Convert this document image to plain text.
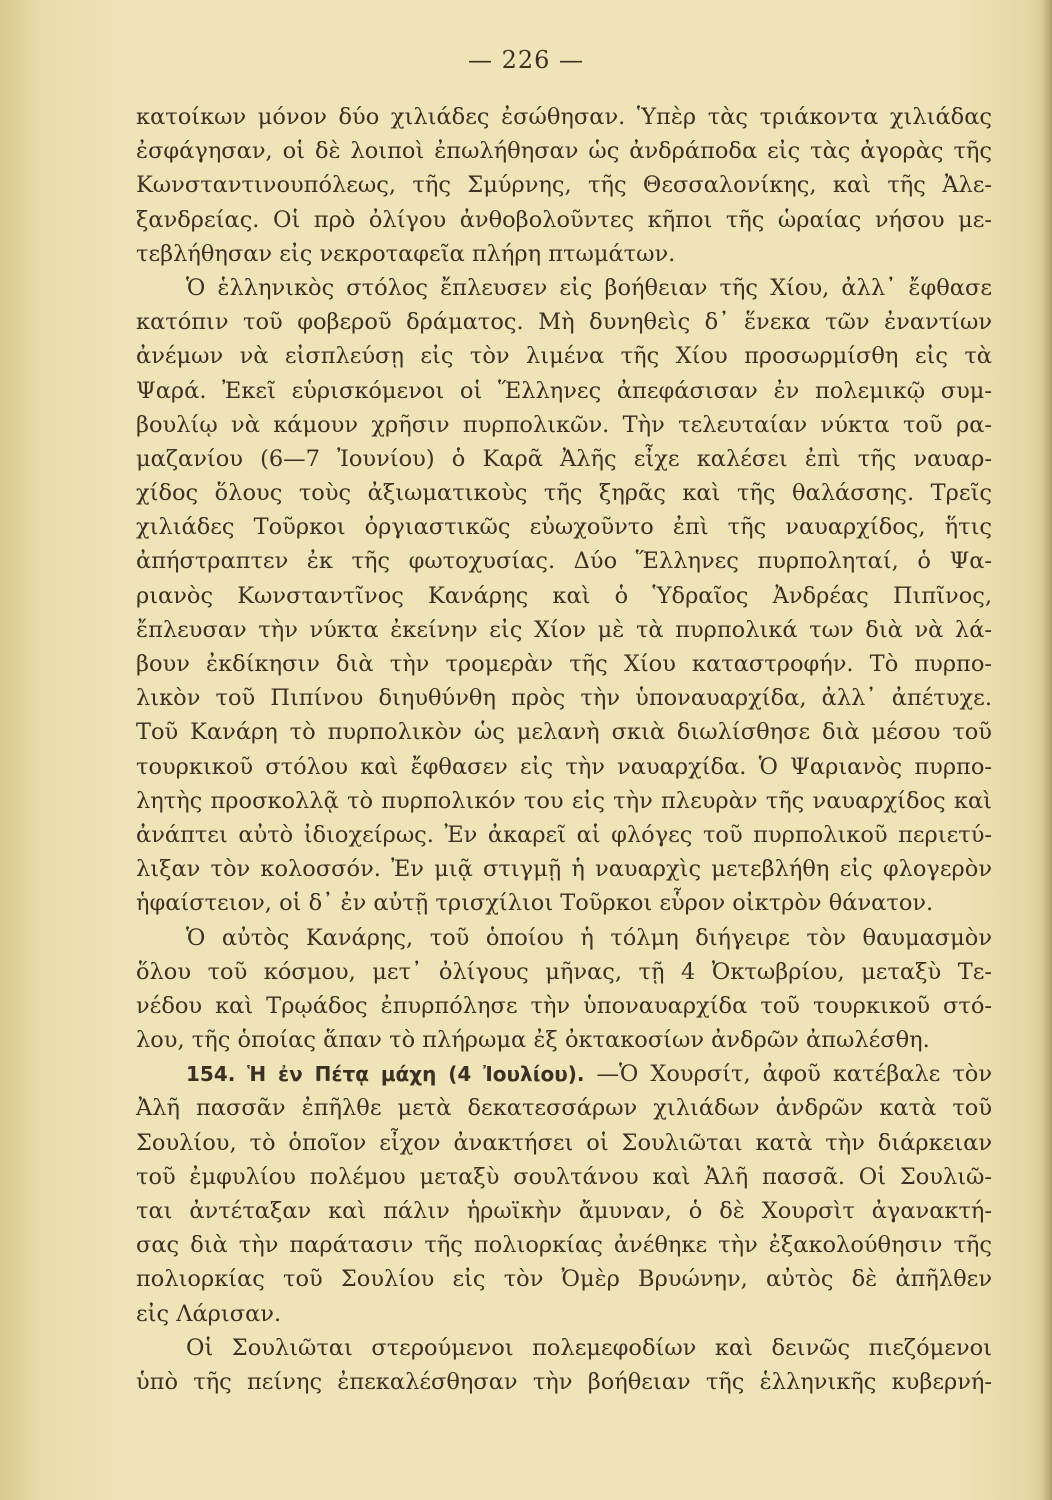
— 226 —
κατοίκων μόνον δύο χιλιάδες ἐσώθησαν. Ὑπὲρ τὰς τριάκοντα χιλιάδας
ἐσφάγησαν, οἱ δὲ λοιποὶ ἐπωλήθησαν ὡς ἀνδράποδα εἰς τὰς ἀγορὰς τῆς
Κωνσταντινουπόλεως, τῆς Σμύρνης, τῆς Θεσσαλονίκης, καὶ τῆς Ἀλε-
ξανδρείας. Οἱ πρὸ ὀλίγου ἀνθοβολοῦντες κῆποι τῆς ὡραίας νήσου με-
τεβλήθησαν εἰς νεκροταφεῖα πλήρη πτωμάτων.
Ὁ ἑλληνικὸς στόλος ἔπλευσεν εἰς βοήθειαν τῆς Χίου, ἀλλ᾽ ἔφθασε
κατόπιν τοῦ φοβεροῦ δράματος. Μὴ δυνηθεὶς δ᾽ ἕνεκα τῶν ἐναντίων
ἀνέμων νὰ εἰσπλεύσῃ εἰς τὸν λιμένα τῆς Χίου προσωρμίσθη εἰς τὰ
Ψαρά. Ἐκεῖ εὑρισκόμενοι οἱ Ἕλληνες ἀπεφάσισαν ἐν πολεμικῷ συμ-
βουλίῳ νὰ κάμουν χρῆσιν πυρπολικῶν. Τὴν τελευταίαν νύκτα τοῦ ρα-
μαζανίου (6—7 Ἰουνίου) ὁ Καρᾶ Ἀλῆς εἶχε καλέσει ἐπὶ τῆς ναυαρ-
χίδος ὅλους τοὺς ἀξιωματικοὺς τῆς ξηρᾶς καὶ τῆς θαλάσσης. Τρεῖς
χιλιάδες Τοῦρκοι ὀργιαστικῶς εὐωχοῦντο ἐπὶ τῆς ναυαρχίδος, ἥτις
ἀπήστραπτεν ἐκ τῆς φωτοχυσίας. Δύο Ἕλληνες πυρποληταί, ὁ Ψα-
ριανὸς Κωνσταντῖνος Κανάρης καὶ ὁ Ὑδραῖος Ἀνδρέας Πιπῖνος,
ἔπλευσαν τὴν νύκτα ἐκείνην εἰς Χίον μὲ τὰ πυρπολικά των διὰ νὰ λά-
βουν ἐκδίκησιν διὰ τὴν τρομερὰν τῆς Χίου καταστροφήν. Τὸ πυρπο-
λικὸν τοῦ Πιπίνου διηυθύνθη πρὸς τὴν ὑποναυαρχίδα, ἀλλ᾽ ἀπέτυχε.
Τοῦ Κανάρη τὸ πυρπολικὸν ὡς μελανὴ σκιὰ διωλίσθησε διὰ μέσου τοῦ
τουρκικοῦ στόλου καὶ ἔφθασεν εἰς τὴν ναυαρχίδα. Ὁ Ψαριανὸς πυρπο-
λητὴς προσκολλᾷ τὸ πυρπολικόν του εἰς τὴν πλευρὰν τῆς ναυαρχίδος καὶ
ἀνάπτει αὐτὸ ἰδιοχείρως. Ἐν ἀκαρεῖ αἱ φλόγες τοῦ πυρπολικοῦ περιετύ-
λιξαν τὸν κολοσσόν. Ἐν μιᾷ στιγμῇ ἡ ναυαρχὶς μετεβλήθη εἰς φλογερὸν
ἡφαίστειον, οἱ δ᾽ ἐν αὐτῇ τρισχίλιοι Τοῦρκοι εὗρον οἰκτρὸν θάνατον.
Ὁ αὐτὸς Κανάρης, τοῦ ὁποίου ἡ τόλμη διήγειρε τὸν θαυμασμὸν
ὅλου τοῦ κόσμου, μετ᾽ ὀλίγους μῆνας, τῇ 4 Ὀκτωβρίου, μεταξὺ Τε-
νέδου καὶ Τρῳάδος ἐπυρπόλησε τὴν ὑποναυαρχίδα τοῦ τουρκικοῦ στό-
λου, τῆς ὁποίας ἅπαν τὸ πλήρωμα ἐξ ὀκτακοσίων ἀνδρῶν ἀπωλέσθη.
154. Ἡ ἐν Πέτᾳ μάχη (4 Ἰουλίου). —Ὁ Χουρσίτ, ἀφοῦ κατέβαλε τὸν
Ἀλῆ πασσᾶν ἐπῆλθε μετὰ δεκατεσσάρων χιλιάδων ἀνδρῶν κατὰ τοῦ
Σουλίου, τὸ ὁποῖον εἶχον ἀνακτήσει οἱ Σουλιῶται κατὰ τὴν διάρκειαν
τοῦ ἐμφυλίου πολέμου μεταξὺ σουλτάνου καὶ Ἀλῆ πασσᾶ. Οἱ Σουλιῶ-
ται ἀντέταξαν καὶ πάλιν ἡρωϊκὴν ἄμυναν, ὁ δὲ Χουρσὶτ ἀγανακτή-
σας διὰ τὴν παράτασιν τῆς πολιορκίας ἀνέθηκε τὴν ἐξακολούθησιν τῆς
πολιορκίας τοῦ Σουλίου εἰς τὸν Ὀμὲρ Βρυώνην, αὐτὸς δὲ ἀπῆλθεν
εἰς Λάρισαν.
Οἱ Σουλιῶται στερούμενοι πολεμεφοδίων καὶ δεινῶς πιεζόμενοι
ὑπὸ τῆς πείνης ἐπεκαλέσθησαν τὴν βοήθειαν τῆς ἑλληνικῆς κυβερνή-
